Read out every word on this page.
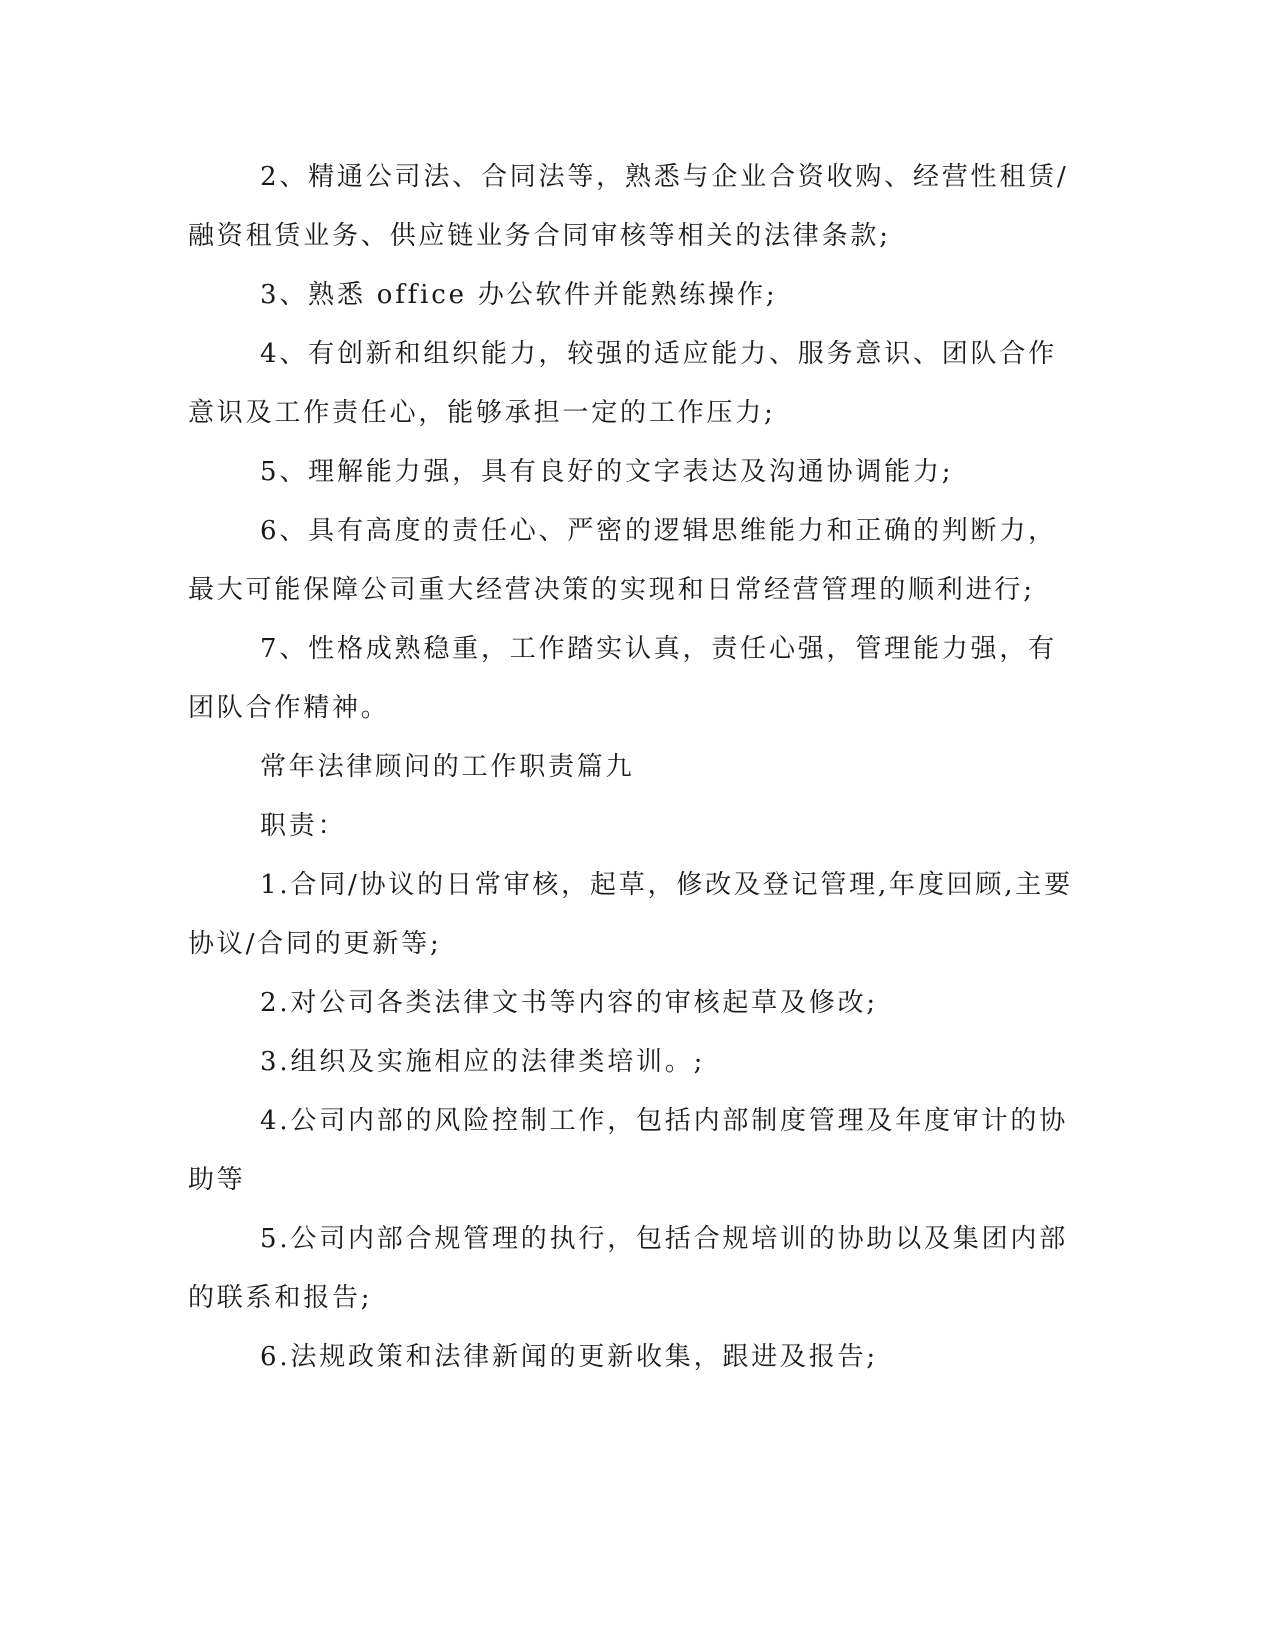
2、精通公司法、合同法等，熟悉与企业合资收购、经营性租赁/
融资租赁业务、供应链业务合同审核等相关的法律条款;
3、熟悉 office 办公软件并能熟练操作;
4、有创新和组织能力，较强的适应能力、服务意识、团队合作
意识及工作责任心，能够承担一定的工作压力;
5、理解能力强，具有良好的文字表达及沟通协调能力;
6、具有高度的责任心、严密的逻辑思维能力和正确的判断力，
最大可能保障公司重大经营决策的实现和日常经营管理的顺利进行;
7、性格成熟稳重，工作踏实认真，责任心强，管理能力强，有
团队合作精神。
常年法律顾问的工作职责篇九
职责：
1.合同/协议的日常审核，起草，修改及登记管理,年度回顾,主要
协议/合同的更新等;
2.对公司各类法律文书等内容的审核起草及修改;
3.组织及实施相应的法律类培训。;
4.公司内部的风险控制工作，包括内部制度管理及年度审计的协
助等
5.公司内部合规管理的执行，包括合规培训的协助以及集团内部
的联系和报告;
6.法规政策和法律新闻的更新收集，跟进及报告;
